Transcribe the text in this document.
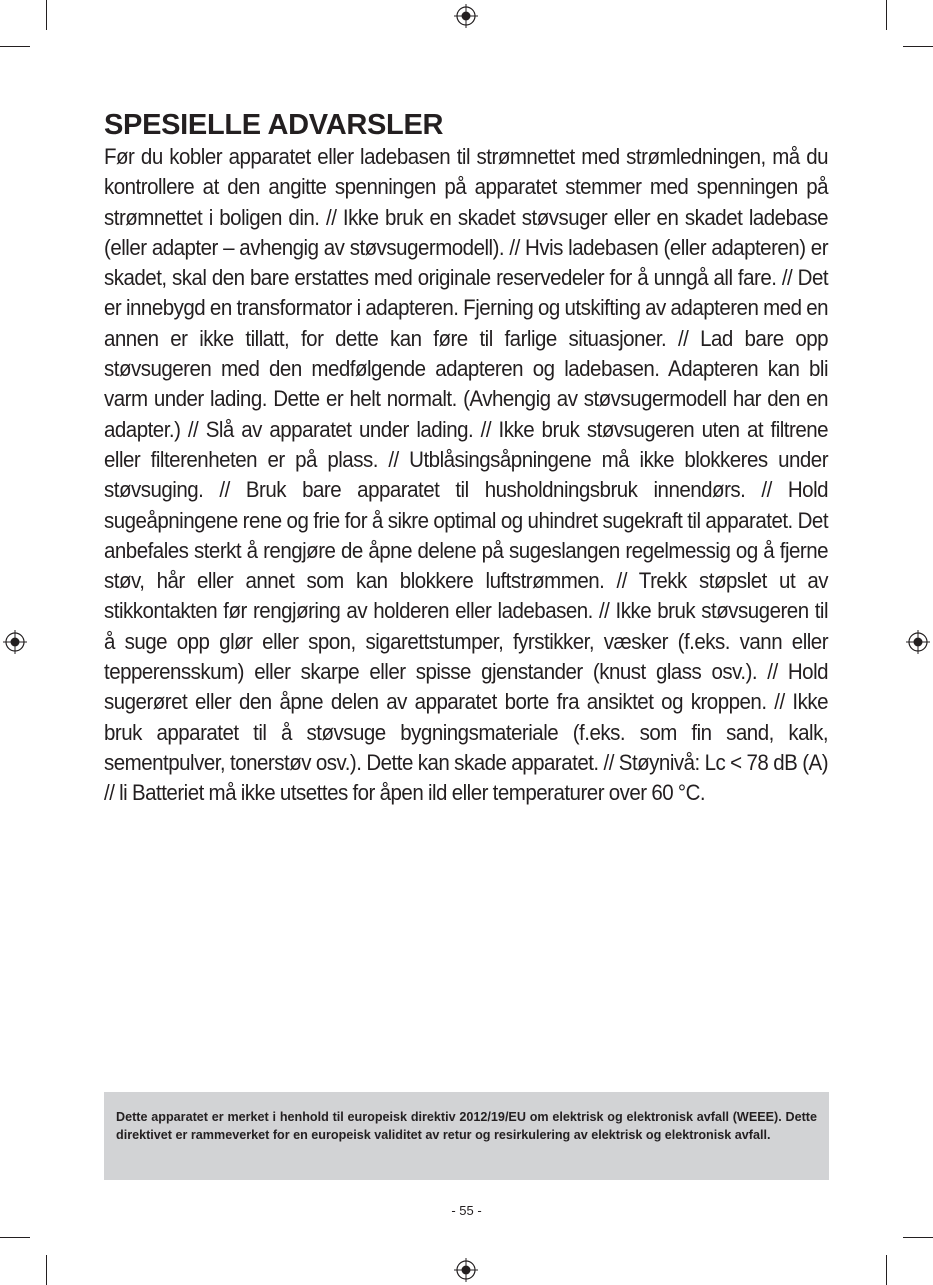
SPESIELLE ADVARSLER

Før du kobler apparatet eller ladebasen til strømnettet med strømledningen, må du kontrollere at den angitte spenningen på apparatet stemmer med spenningen på strømnettet i boligen din. // Ikke bruk en skadet støvsuger eller en skadet ladebase (eller adapter – avhengig av støvsugermodell). // Hvis ladebasen (eller adapteren) er skadet, skal den bare erstattes med originale reservedeler for å unngå all fare. // Det er innebygd en transformator i adapteren. Fjerning og utskifting av adapteren med en annen er ikke tillatt, for dette kan føre til farlige situasjoner. // Lad bare opp støvsugeren med den medfølgende adapteren og ladebasen. Adapteren kan bli varm under lading. Dette er helt normalt. (Avhengig av støvsugermodell har den en adapter.) // Slå av apparatet under lading. // Ikke bruk støvsugeren uten at filtrene eller filterenheten er på plass. // Utblåsingsåpningene må ikke blokkeres under støvsuging. // Bruk bare apparatet til husholdningsbruk innendørs. // Hold sugeåpningene rene og frie for å sikre optimal og uhindret sugekraft til apparatet. Det anbefales sterkt å rengjøre de åpne delene på sugeslangen regelmessig og å fjerne støv, hår eller annet som kan blokkere luftstrømmen. // Trekk støpslet ut av stikkontakten før rengjøring av holderen eller ladebasen. // Ikke bruk støvsugeren til å suge opp glør eller spon, sigarettstumper, fyrstikker, væsker (f.eks. vann eller tepperensskum) eller skarpe eller spisse gjenstander (knust glass osv.). // Hold sugerøret eller den åpne delen av apparatet borte fra ansiktet og kroppen. // Ikke bruk apparatet til å støvsuge bygningsmateriale (f.eks. som fin sand, kalk, sementpulver, tonerstøv osv.). Dette kan skade apparatet. // Støynivå: Lc < 78 dB (A) // li Batteriet må ikke utsettes for åpen ild eller temperaturer over 60 °C.

Dette apparatet er merket i henhold til europeisk direktiv 2012/19/EU om elektrisk og elektronisk avfall (WEEE). Dette direktivet er rammeverket for en europeisk validitet av retur og resirkulering av elektrisk og elektronisk avfall.

- 55 -
